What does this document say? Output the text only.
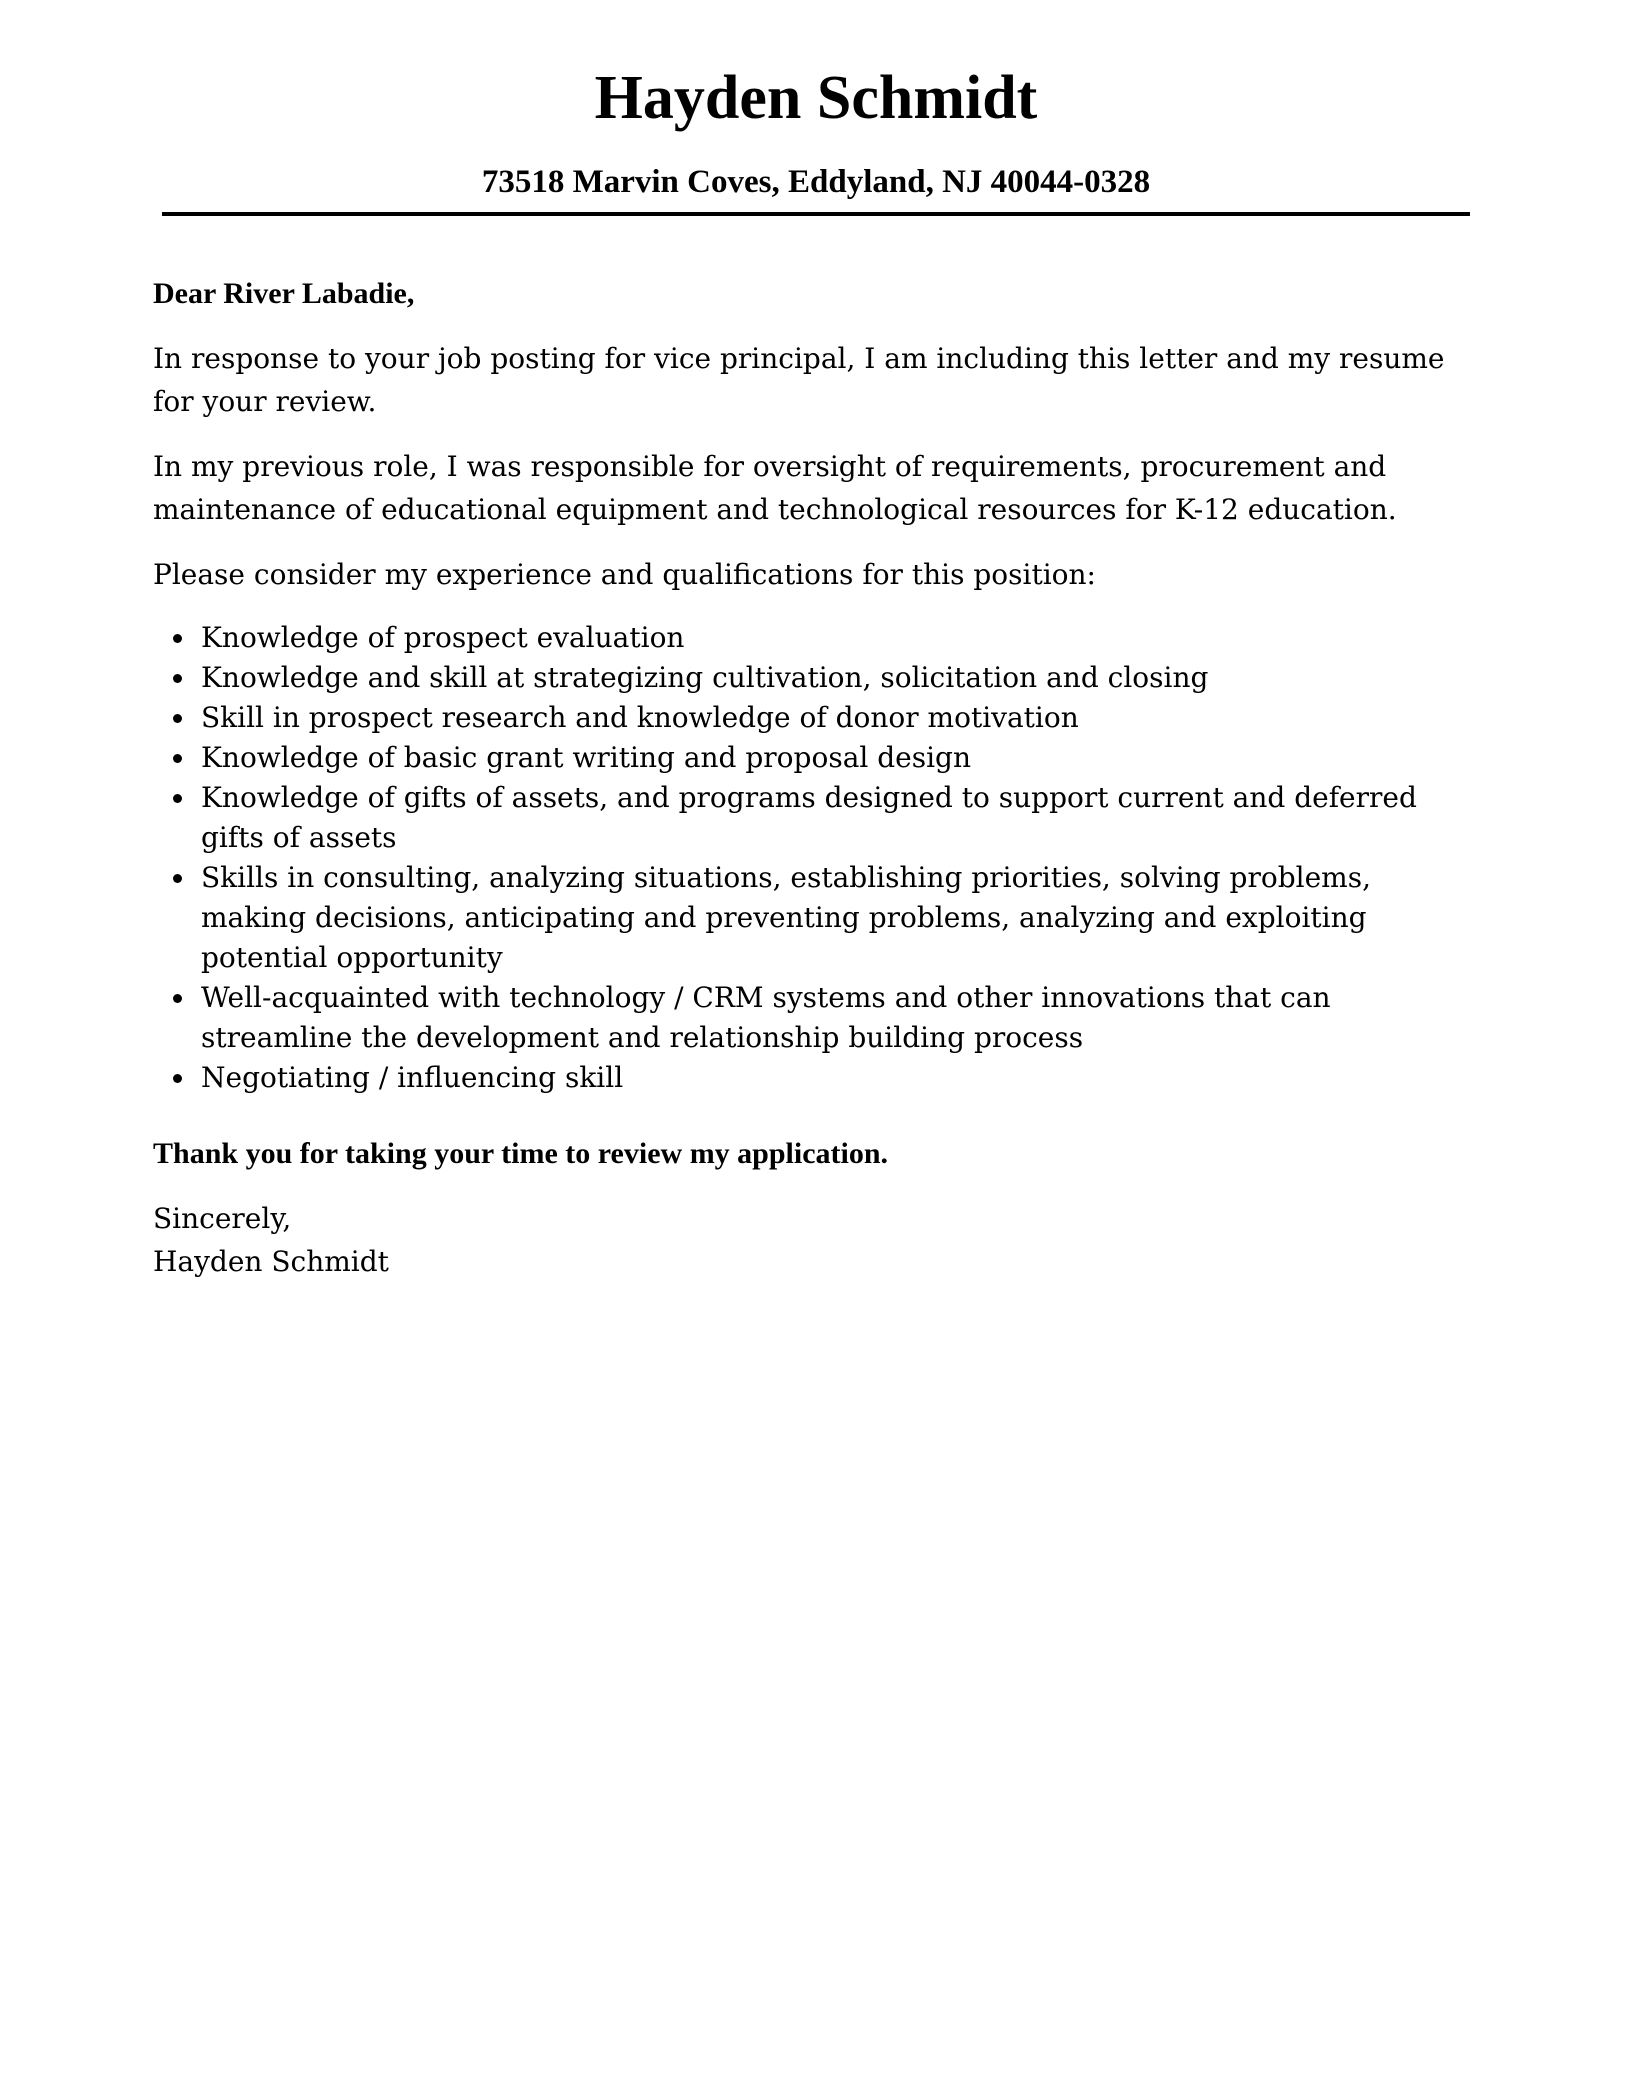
Hayden Schmidt
73518 Marvin Coves, Eddyland, NJ 40044-0328

Dear River Labadie,

In response to your job posting for vice principal, I am including this letter and my resume for your review.

In my previous role, I was responsible for oversight of requirements, procurement and maintenance of educational equipment and technological resources for K-12 education.

Please consider my experience and qualifications for this position:

Knowledge of prospect evaluation
Knowledge and skill at strategizing cultivation, solicitation and closing
Skill in prospect research and knowledge of donor motivation
Knowledge of basic grant writing and proposal design
Knowledge of gifts of assets, and programs designed to support current and deferred gifts of assets
Skills in consulting, analyzing situations, establishing priorities, solving problems, making decisions, anticipating and preventing problems, analyzing and exploiting potential opportunity
Well-acquainted with technology / CRM systems and other innovations that can streamline the development and relationship building process
Negotiating / influencing skill

Thank you for taking your time to review my application.

Sincerely,
Hayden Schmidt
